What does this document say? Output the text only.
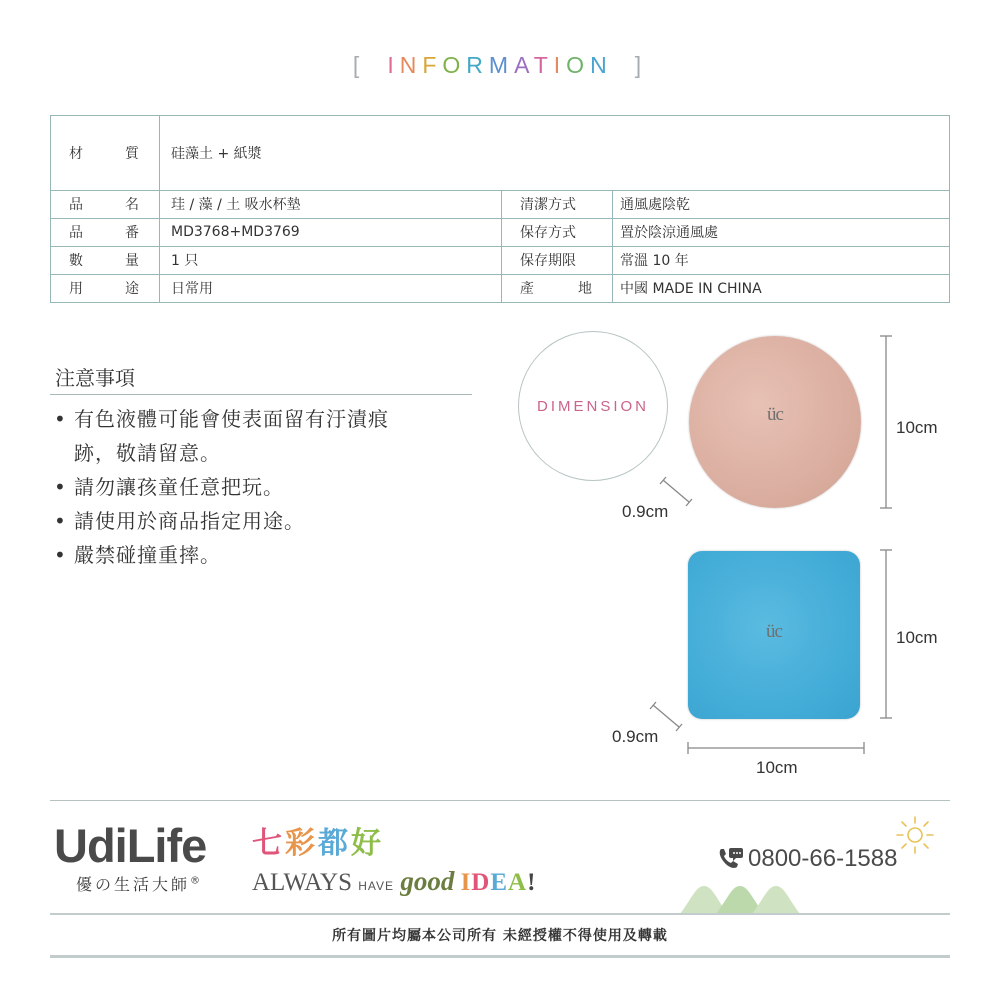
[ INFORMATION ]
材	質 硅藻土 + 紙漿
品	名 珪 / 藻 / 土 吸水杯墊	清潔方式	通風處陰乾
品	番 MD3768+MD3769	保存方式	置於陰涼通風處
數	量 1 只	保存期限	常溫 10 年
用	途 日常用	產	地 中國 MADE IN CHINA
注意事項
• 有色液體可能會使表面留有汙漬痕
跡，敬請留意。
• 請勿讓孩童任意把玩。
• 請使用於商品指定用途。
• 嚴禁碰撞重摔。
DIMENSION	üc
üc
10cm
0.9cm
10cm
0.9cm
10cm
UdiLife
優の生活大師®
七彩都好
ALWAYS HAVE good IDEA!
0800-66-1588
所有圖片均屬本公司所有 未經授權不得使用及轉載
